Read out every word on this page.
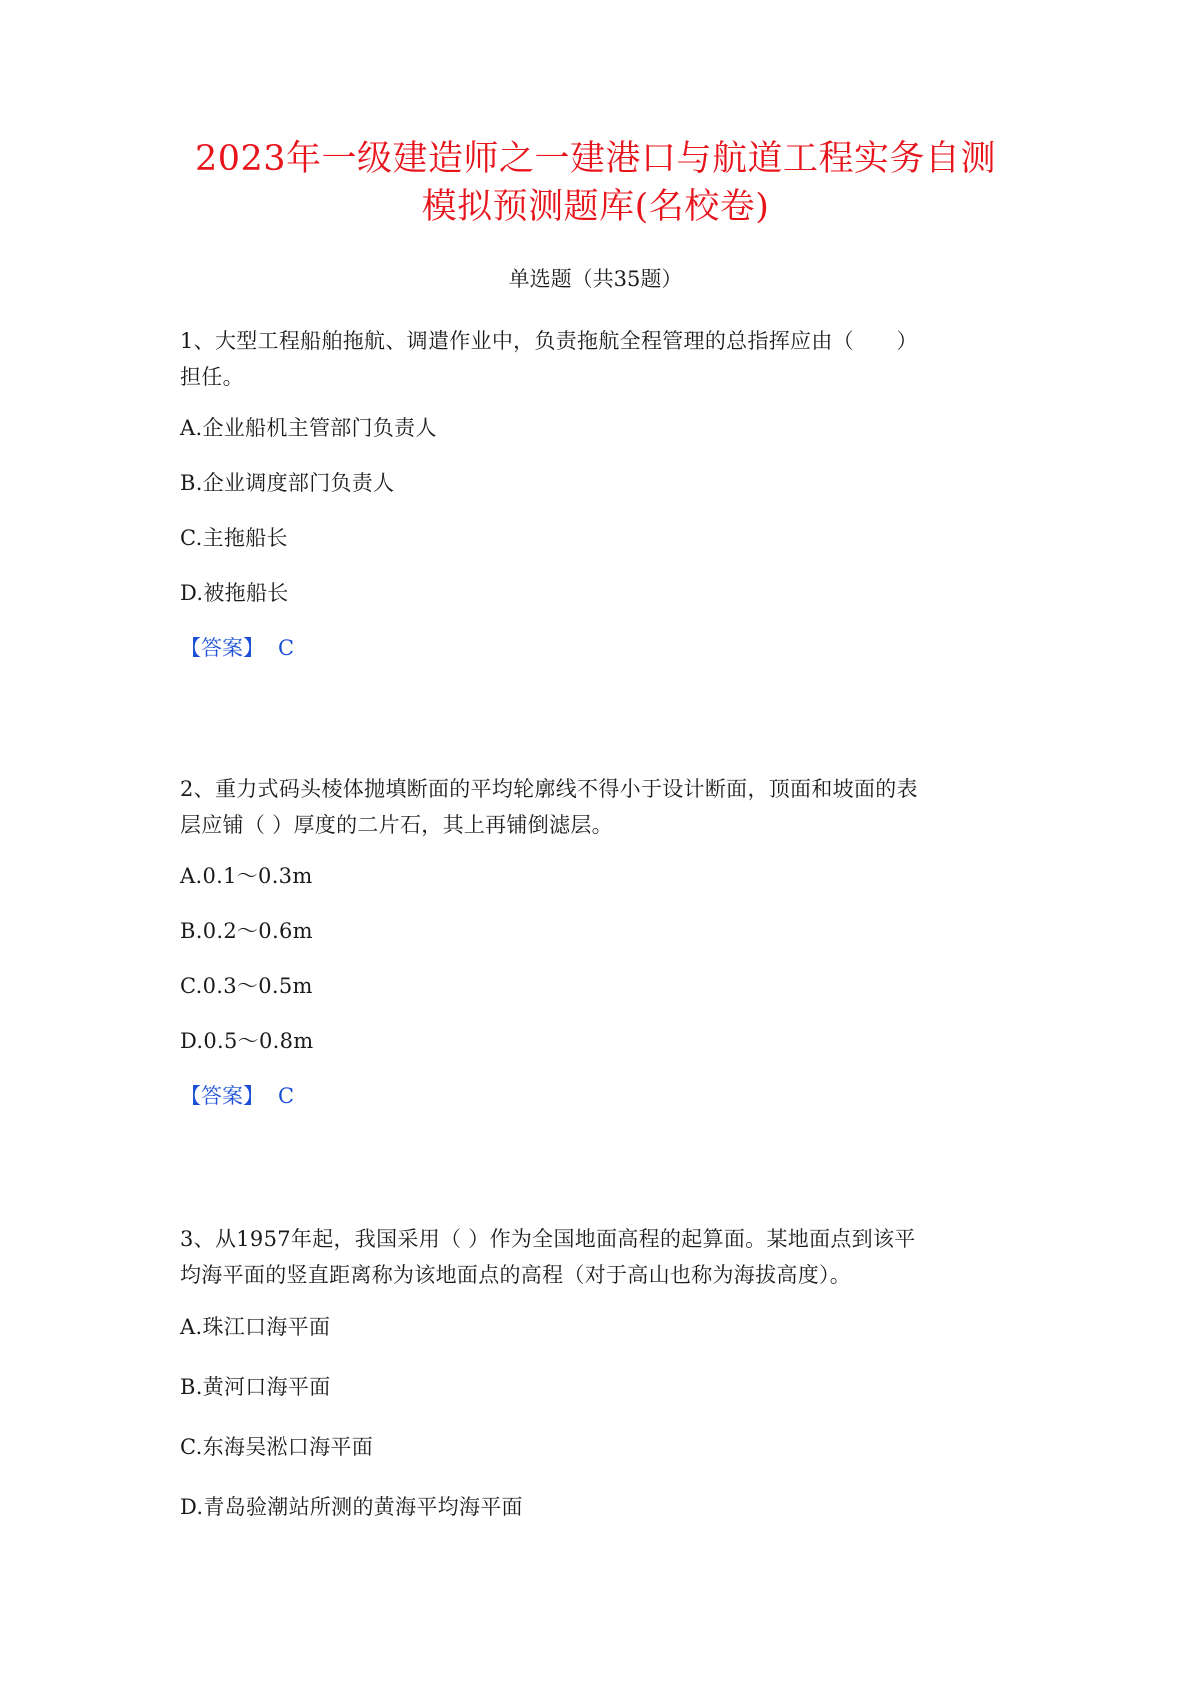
2023年一级建造师之一建港口与航道工程实务自测
模拟预测题库(名校卷)
单选题（共35题）
1、大型工程船舶拖航、调遣作业中，负责拖航全程管理的总指挥应由（　　）
担任。
A.企业船机主管部门负责人
B.企业调度部门负责人
C.主拖船长
D.被拖船长
【答案】 C
2、重力式码头棱体抛填断面的平均轮廓线不得小于设计断面，顶面和坡面的表
层应铺（ ）厚度的二片石，其上再铺倒滤层。
A.0.1～0.3m
B.0.2～0.6m
C.0.3～0.5m
D.0.5～0.8m
【答案】 C
3、从1957年起，我国采用（ ）作为全国地面高程的起算面。某地面点到该平
均海平面的竖直距离称为该地面点的高程（对于高山也称为海拔高度）。
A.珠江口海平面
B.黄河口海平面
C.东海吴淞口海平面
D.青岛验潮站所测的黄海平均海平面
